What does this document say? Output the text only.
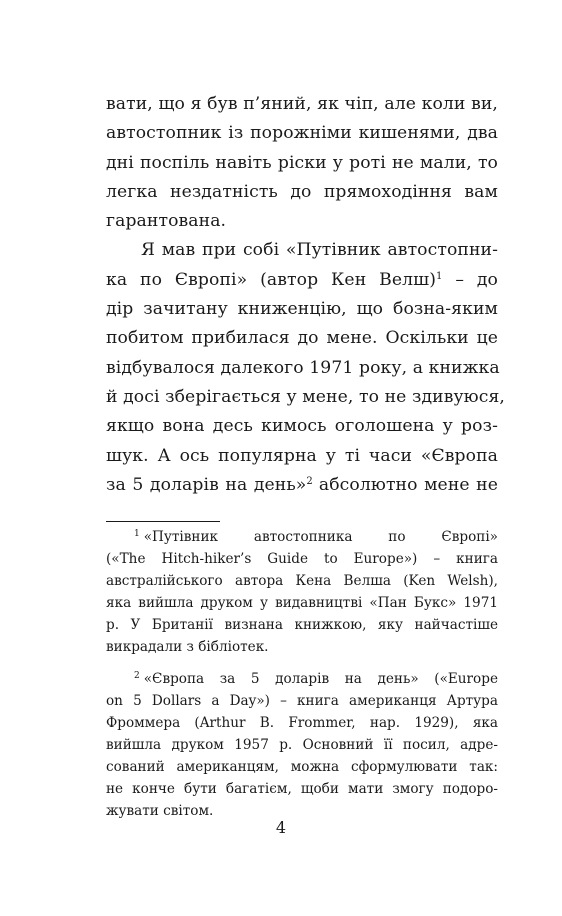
вати, що я був п’яний, як чіп, але коли ви,
автостопник із порожніми кишенями, два
дні поспіль навіть ріски у роті не мали, то
легка нездатність до прямоходіння вам
гарантована.
Я мав при собі «Путівник автостопни-
ка по Європі» (автор Кен Велш)$^1$ – до
дір зачитану книженцію, що бозна-яким
побитом прибилася до мене. Оскільки це
відбувалося далекого 1971 року, а книжка
й досі зберігається у мене, то не здивуюся,
якщо вона десь кимось оголошена у роз-
шук. А ось популярна у ті часи «Європа
за 5 доларів на день»$^2$ абсолютно мене не
$^1$ «Путівник автостопника по Європі»
(«The Hitch-hiker’s Guide to Europe») – книга
австралійського автора Кена Велша (Ken Welsh),
яка вийшла друком у видавництві «Пан Букс» 1971
р. У Британії визнана книжкою, яку найчастіше
викрадали з бібліотек.
$^2$ «Європа за 5 доларів на день» («Europe
on 5 Dollars a Day») – книга американця Артура
Фроммера (Arthur B. Frommer, нар. 1929), яка
вийшла друком 1957 р. Основний її посил, адре-
сований американцям, можна сформулювати так:
не конче бути багатієм, щоби мати змогу подоро-
жувати світом.
4
